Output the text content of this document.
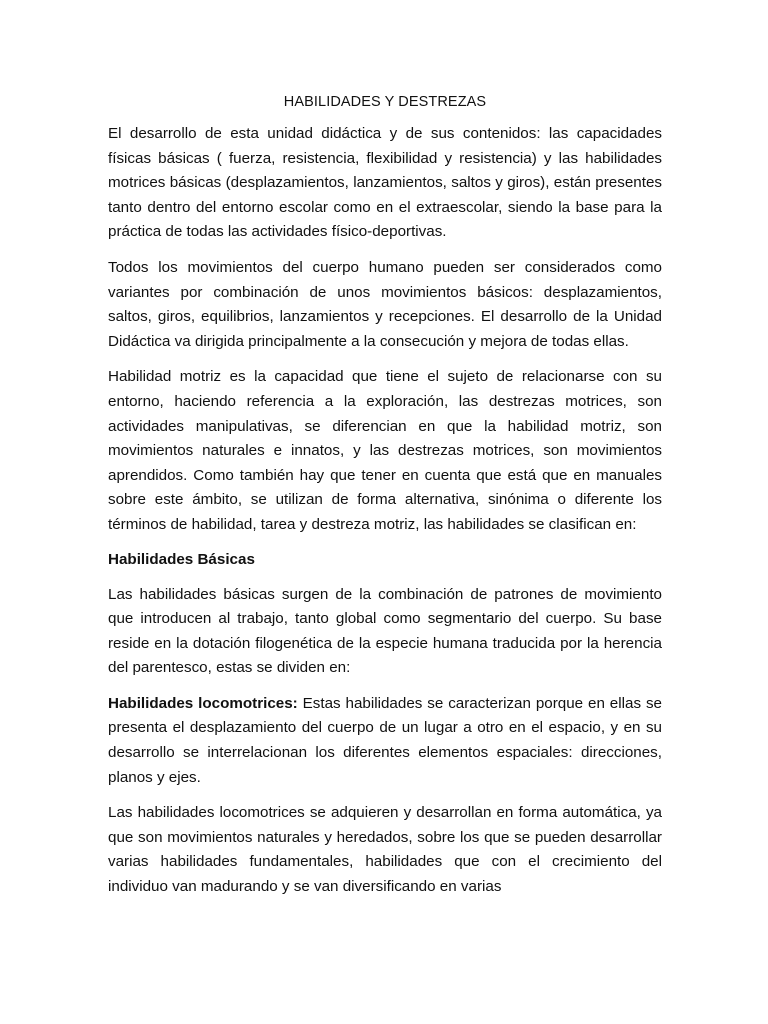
HABILIDADES Y DESTREZAS

El desarrollo de esta unidad didáctica y de sus contenidos: las capacidades físicas básicas ( fuerza, resistencia, flexibilidad y resistencia) y las habilidades motrices básicas (desplazamientos, lanzamientos, saltos y giros), están presentes tanto dentro del entorno escolar como en el extraescolar, siendo la base para la práctica de todas las actividades físico-deportivas.

Todos los movimientos del cuerpo humano pueden ser considerados como variantes por combinación de unos movimientos básicos: desplazamientos, saltos, giros, equilibrios, lanzamientos y recepciones. El desarrollo de la Unidad Didáctica va dirigida principalmente a la consecución y mejora de todas ellas.

Habilidad motriz es la capacidad que tiene el sujeto de relacionarse con su entorno, haciendo referencia a la exploración, las destrezas motrices, son actividades manipulativas, se diferencian en que la habilidad motriz, son movimientos naturales e innatos, y las destrezas motrices, son movimientos aprendidos. Como también hay que tener en cuenta que está que en manuales sobre este ámbito, se utilizan de forma alternativa, sinónima o diferente los términos de habilidad, tarea y destreza motriz, las habilidades se clasifican en:

Habilidades Básicas

Las habilidades básicas surgen de la combinación de patrones de movimiento que introducen al trabajo, tanto global como segmentario del cuerpo. Su base reside en la dotación filogenética de la especie humana traducida por la herencia del parentesco, estas se dividen en:

Habilidades locomotrices: Estas habilidades se caracterizan porque en ellas se presenta el desplazamiento del cuerpo de un lugar a otro en el espacio, y en su desarrollo se interrelacionan los diferentes elementos espaciales: direcciones, planos y ejes.

Las habilidades locomotrices se adquieren y desarrollan en forma automática, ya que son movimientos naturales y heredados, sobre los que se pueden desarrollar varias habilidades fundamentales, habilidades que con el crecimiento del individuo van madurando y se van diversificando en varias
